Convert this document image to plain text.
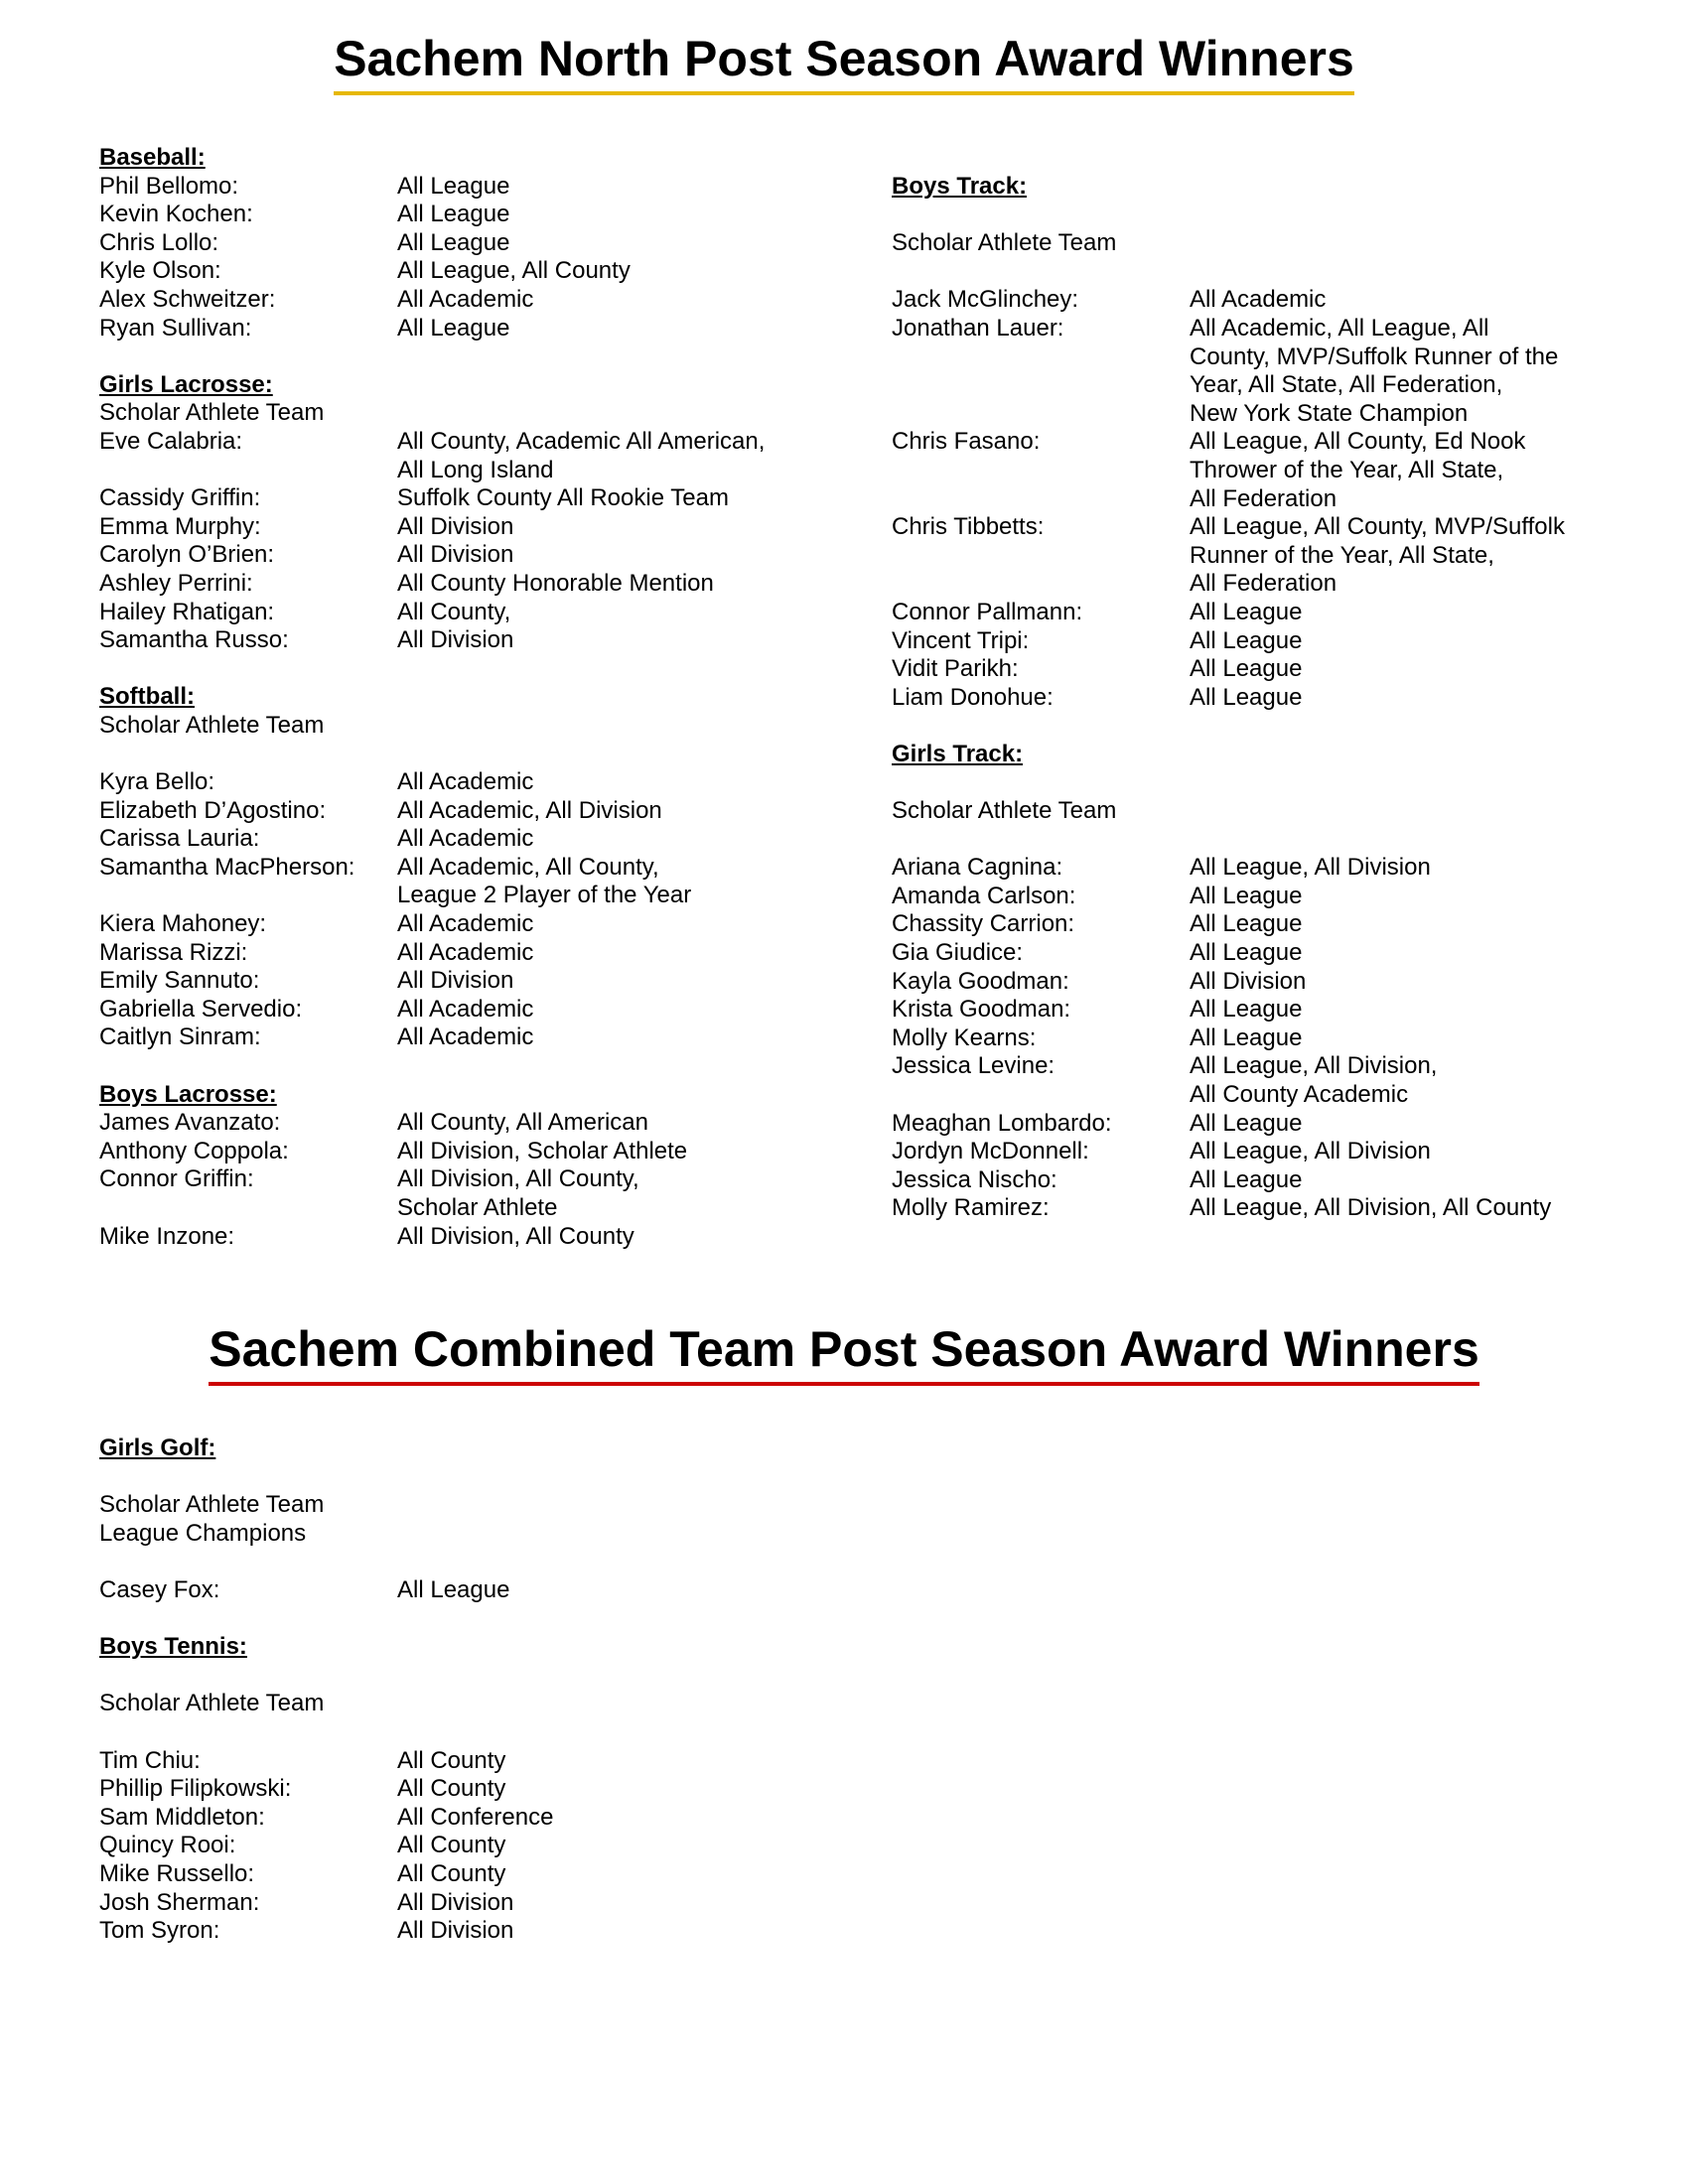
Sachem North Post Season Award Winners
Sachem Combined Team Post Season Award Winners
Baseball:
Phil Bellomo:	All League
Kevin Kochen:	All League
Chris Lollo:	All League
Kyle Olson:	All League, All County
Alex Schweitzer:	All Academic
Ryan Sullivan:	All League
Girls Lacrosse:
Scholar Athlete Team
Eve Calabria:	All County, Academic All American,
All Long Island
Cassidy Griffin:	Suffolk County All Rookie Team
Emma Murphy:	All Division
Carolyn O’Brien:	All Division
Ashley Perrini:	All County Honorable Mention
Hailey Rhatigan:	All County,
Samantha Russo:	All Division
Softball:
Scholar Athlete Team
Kyra Bello:	All Academic
Elizabeth D’Agostino:	All Academic, All Division
Carissa Lauria:	All Academic
Samantha MacPherson:	All Academic, All County,
League 2 Player of the Year
Kiera Mahoney:	All Academic
Marissa Rizzi:	All Academic
Emily Sannuto:	All Division
Gabriella Servedio:	All Academic
Caitlyn Sinram:	All Academic
Boys Lacrosse:
James Avanzato:	All County, All American
Anthony Coppola:	All Division, Scholar Athlete
Connor Griffin:	All Division, All County,
Scholar Athlete
Mike Inzone:	All Division, All County
Boys Track:
Scholar Athlete Team
Jack McGlinchey:	All Academic
Jonathan Lauer:	All Academic, All League, All
County, MVP/Suffolk Runner of the
Year, All State, All Federation,
New York State Champion
Chris Fasano:	All League, All County, Ed Nook
Thrower of the Year, All State,
All Federation
Chris Tibbetts:	All League, All County, MVP/Suffolk
Runner of the Year, All State,
All Federation
Connor Pallmann:	All League
Vincent Tripi:	All League
Vidit Parikh:	All League
Liam Donohue:	All League
Girls Track:
Scholar Athlete Team
Ariana Cagnina:	All League, All Division
Amanda Carlson:	All League
Chassity Carrion:	All League
Gia Giudice:	All League
Kayla Goodman:	All Division
Krista Goodman:	All League
Molly Kearns:	All League
Jessica Levine:	All League, All Division,
All County Academic
Meaghan Lombardo:	All League
Jordyn McDonnell:	All League, All Division
Jessica Nischo:	All League
Molly Ramirez:	All League, All Division, All County
Girls Golf:
Scholar Athlete Team
League Champions
Casey Fox:	All League
Boys Tennis:
Scholar Athlete Team
Tim Chiu:	All County
Phillip Filipkowski:	All County
Sam Middleton:	All Conference
Quincy Rooi:	All County
Mike Russello:	All County
Josh Sherman:	All Division
Tom Syron:	All Division
